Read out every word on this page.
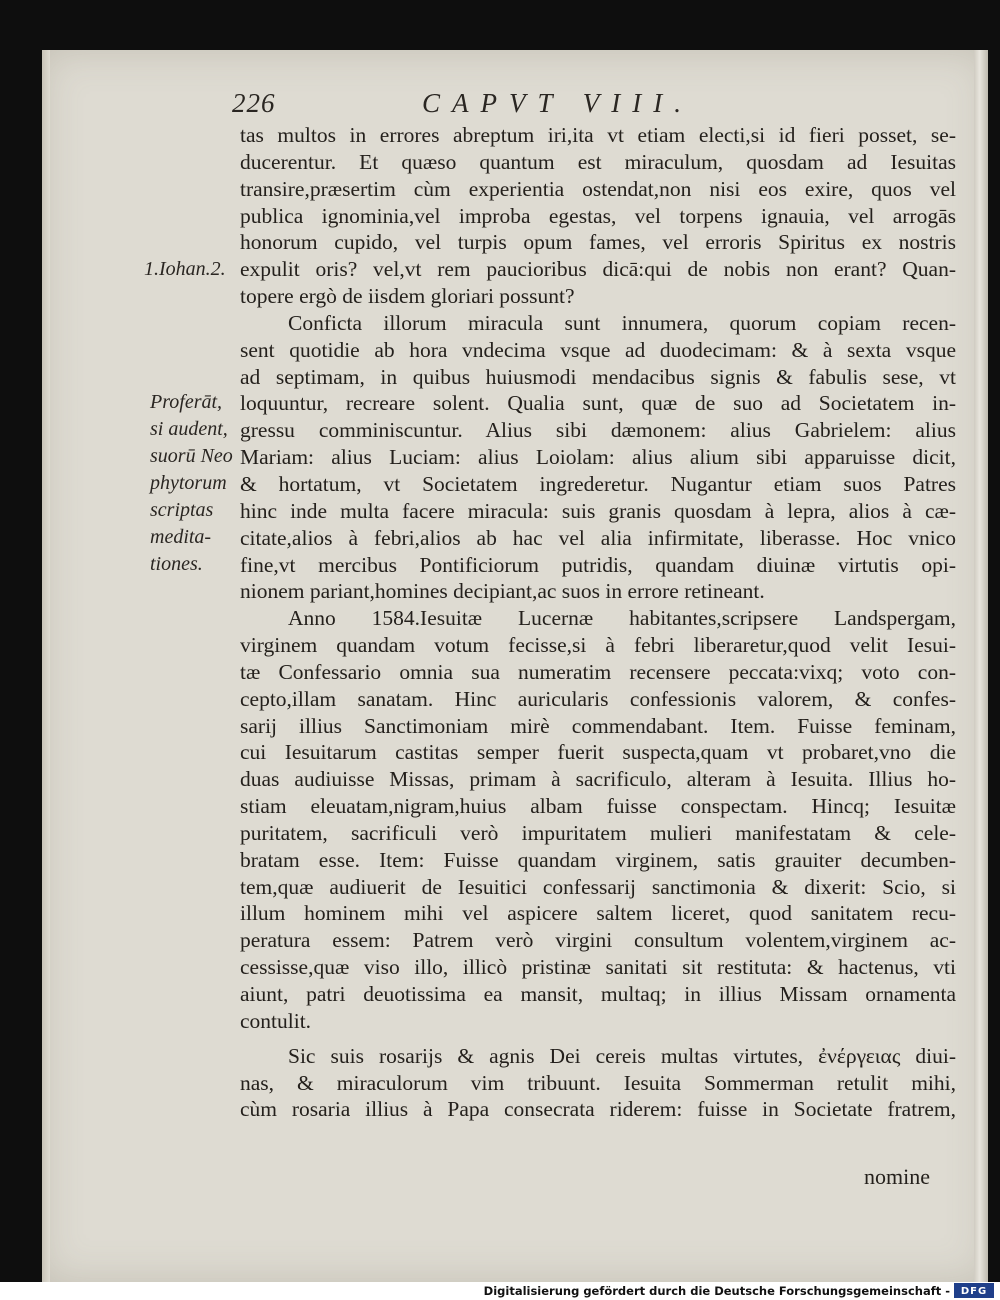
226	CAPVT VIII.
1.Iohan.2.
Proferāt,
si audent,
suorū Neo
phytorum
scriptas
medita-
tiones.
tas multos in errores abreptum iri,ita vt etiam electi,si id fieri posset, se-
ducerentur. Et quæso quantum est miraculum, quosdam ad Iesuitas
transire,præsertim cùm experientia ostendat,non nisi eos exire, quos vel
publica ignominia,vel improba egestas, vel torpens ignauia, vel arrogās
honorum cupido, vel turpis opum fames, vel erroris Spiritus ex nostris
expulit oris? vel,vt rem paucioribus dicā:qui de nobis non erant? Quan-
topere ergò de iisdem gloriari possunt?
Conficta illorum miracula sunt innumera, quorum copiam recen-
sent quotidie ab hora vndecima vsque ad duodecimam: & à sexta vsque
ad septimam, in quibus huiusmodi mendacibus signis & fabulis sese, vt
loquuntur, recreare solent. Qualia sunt, quæ de suo ad Societatem in-
gressu comminiscuntur. Alius sibi dæmonem: alius Gabrielem: alius
Mariam: alius Luciam: alius Loiolam: alius alium sibi apparuisse dicit,
& hortatum, vt Societatem ingrederetur. Nugantur etiam suos Patres
hinc inde multa facere miracula: suis granis quosdam à lepra, alios à cæ-
citate,alios à febri,alios ab hac vel alia infirmitate, liberasse. Hoc vnico
fine,vt mercibus Pontificiorum putridis, quandam diuinæ virtutis opi-
nionem pariant,homines decipiant,ac suos in errore retineant.
Anno 1584.Iesuitæ Lucernæ habitantes,scripsere Landspergam,
virginem quandam votum fecisse,si à febri liberaretur,quod velit Iesui-
tæ Confessario omnia sua numeratim recensere peccata:vixq; voto con-
cepto,illam sanatam. Hinc auricularis confessionis valorem, & confes-
sarij illius Sanctimoniam mirè commendabant. Item. Fuisse feminam,
cui Iesuitarum castitas semper fuerit suspecta,quam vt probaret,vno die
duas audiuisse Missas, primam à sacrificulo, alteram à Iesuita. Illius ho-
stiam eleuatam,nigram,huius albam fuisse conspectam. Hincq; Iesuitæ
puritatem, sacrificuli verò impuritatem mulieri manifestatam & cele-
bratam esse. Item: Fuisse quandam virginem, satis grauiter decumben-
tem,quæ audiuerit de Iesuitici confessarij sanctimonia & dixerit: Scio, si
illum hominem mihi vel aspicere saltem liceret, quod sanitatem recu-
peratura essem: Patrem verò virgini consultum volentem,virginem ac-
cessisse,quæ viso illo, illicò pristinæ sanitati sit restituta: & hactenus, vti
aiunt, patri deuotissima ea mansit, multaq; in illius Missam ornamenta
contulit.
Sic suis rosarijs & agnis Dei cereis multas virtutes, ἐνέργειας diui-
nas, & miraculorum vim tribuunt. Iesuita Sommerman retulit mihi,
cùm rosaria illius à Papa consecrata riderem: fuisse in Societate fratrem,
nomine
Digitalisierung gefördert durch die Deutsche Forschungsgemeinschaft -	DFG
